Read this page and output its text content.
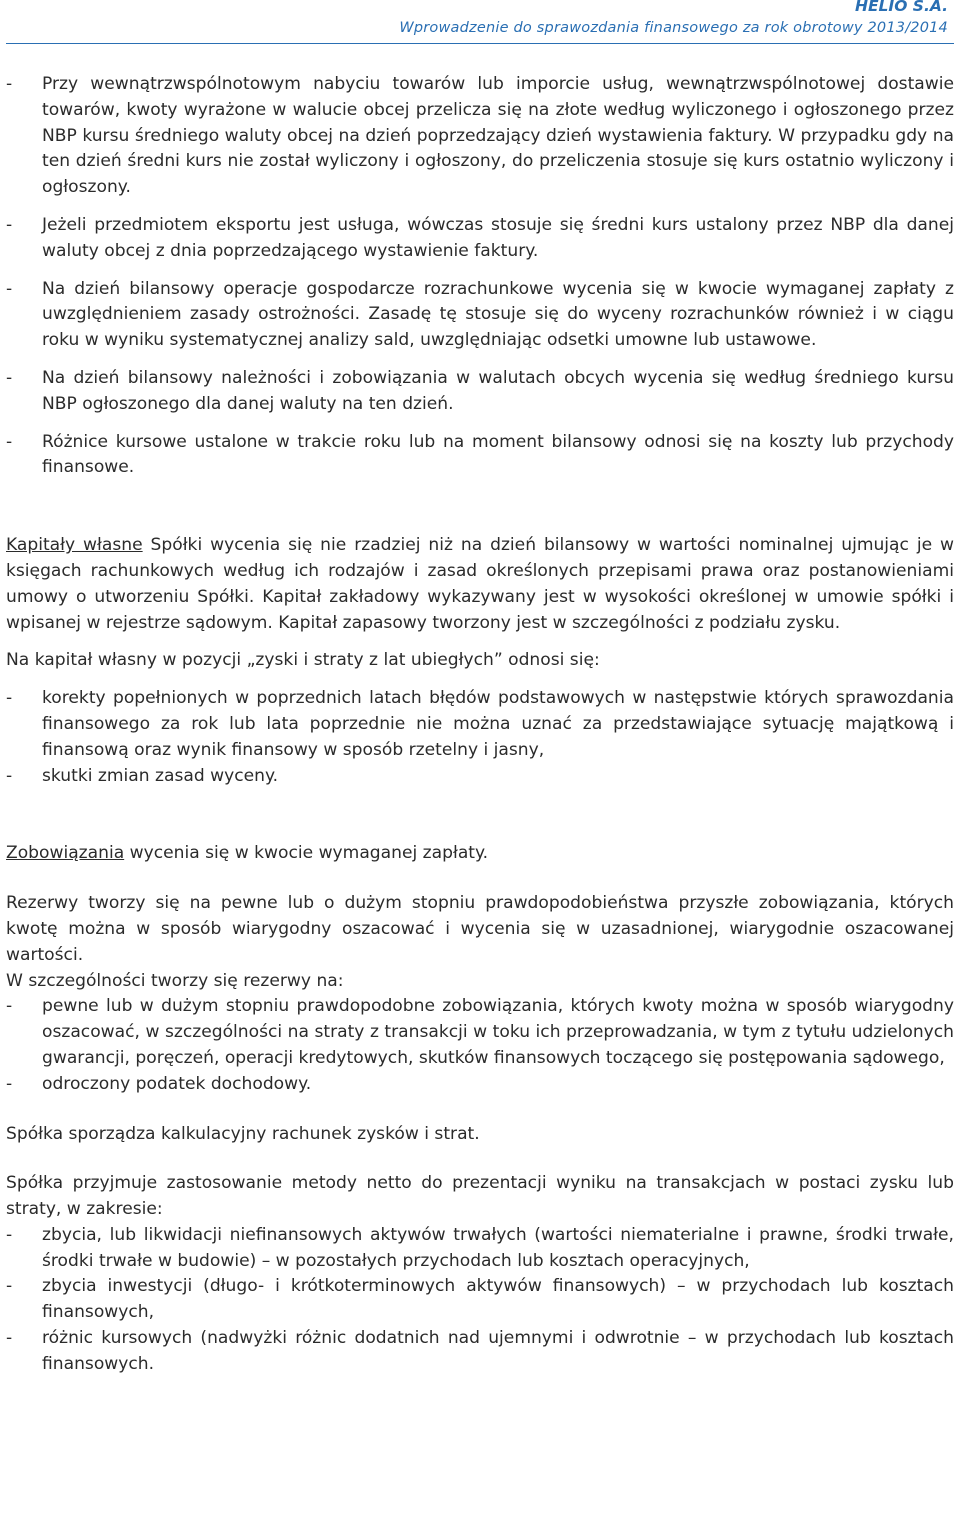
HELIO S.A.
Wprowadzenie do sprawozdania finansowego za rok obrotowy 2013/2014

- Przy wewnątrzwspólnotowym nabyciu towarów lub imporcie usług, wewnątrzwspólnotowej dostawie towarów, kwoty wyrażone w walucie obcej przelicza się na złote według wyliczonego i ogłoszonego przez NBP kursu średniego waluty obcej na dzień poprzedzający dzień wystawienia faktury. W przypadku gdy na ten dzień średni kurs nie został wyliczony i ogłoszony, do przeliczenia stosuje się kurs ostatnio wyliczony i ogłoszony.

- Jeżeli przedmiotem eksportu jest usługa, wówczas stosuje się średni kurs ustalony przez NBP dla danej waluty obcej z dnia poprzedzającego wystawienie faktury.

- Na dzień bilansowy operacje gospodarcze rozrachunkowe wycenia się w kwocie wymaganej zapłaty z uwzględnieniem zasady ostrożności. Zasadę tę stosuje się do wyceny rozrachunków również i w ciągu roku w wyniku systematycznej analizy sald, uwzględniając odsetki umowne lub ustawowe.

- Na dzień bilansowy należności i zobowiązania w walutach obcych wycenia się według średniego kursu NBP ogłoszonego dla danej waluty na ten dzień.

- Różnice kursowe ustalone w trakcie roku lub na moment bilansowy odnosi się na koszty lub przychody finansowe.

Kapitały własne Spółki wycenia się nie rzadziej niż na dzień bilansowy w wartości nominalnej ujmując je w księgach rachunkowych według ich rodzajów i zasad określonych przepisami prawa oraz postanowieniami umowy o utworzeniu Spółki. Kapitał zakładowy wykazywany jest w wysokości określonej w umowie spółki i wpisanej w rejestrze sądowym. Kapitał zapasowy tworzony jest w szczególności z podziału zysku.

Na kapitał własny w pozycji „zyski i straty z lat ubiegłych” odnosi się:

- korekty popełnionych w poprzednich latach błędów podstawowych w następstwie których sprawozdania finansowego za rok lub lata poprzednie nie można uznać za przedstawiające sytuację majątkową i finansową oraz wynik finansowy w sposób rzetelny i jasny,

- skutki zmian zasad wyceny.

Zobowiązania wycenia się w kwocie wymaganej zapłaty.

Rezerwy tworzy się na pewne lub o dużym stopniu prawdopodobieństwa przyszłe zobowiązania, których kwotę można w sposób wiarygodny oszacować i wycenia się w uzasadnionej, wiarygodnie oszacowanej wartości.

W szczególności tworzy się rezerwy na:

- pewne lub w dużym stopniu prawdopodobne zobowiązania, których kwoty można w sposób wiarygodny oszacować, w szczególności na straty z transakcji w toku ich przeprowadzania, w tym z tytułu udzielonych gwarancji, poręczeń, operacji kredytowych, skutków finansowych toczącego się postępowania sądowego,

- odroczony podatek dochodowy.

Spółka sporządza kalkulacyjny rachunek zysków i strat.

Spółka przyjmuje zastosowanie metody netto do prezentacji wyniku na transakcjach w postaci zysku lub straty, w zakresie:

- zbycia, lub likwidacji niefinansowych aktywów trwałych (wartości niematerialne i prawne, środki trwałe, środki trwałe w budowie) – w pozostałych przychodach lub kosztach operacyjnych,

- zbycia inwestycji (długo- i krótkoterminowych aktywów finansowych) – w przychodach lub kosztach finansowych,

- różnic kursowych (nadwyżki różnic dodatnich nad ujemnymi i odwrotnie – w przychodach lub kosztach finansowych.
